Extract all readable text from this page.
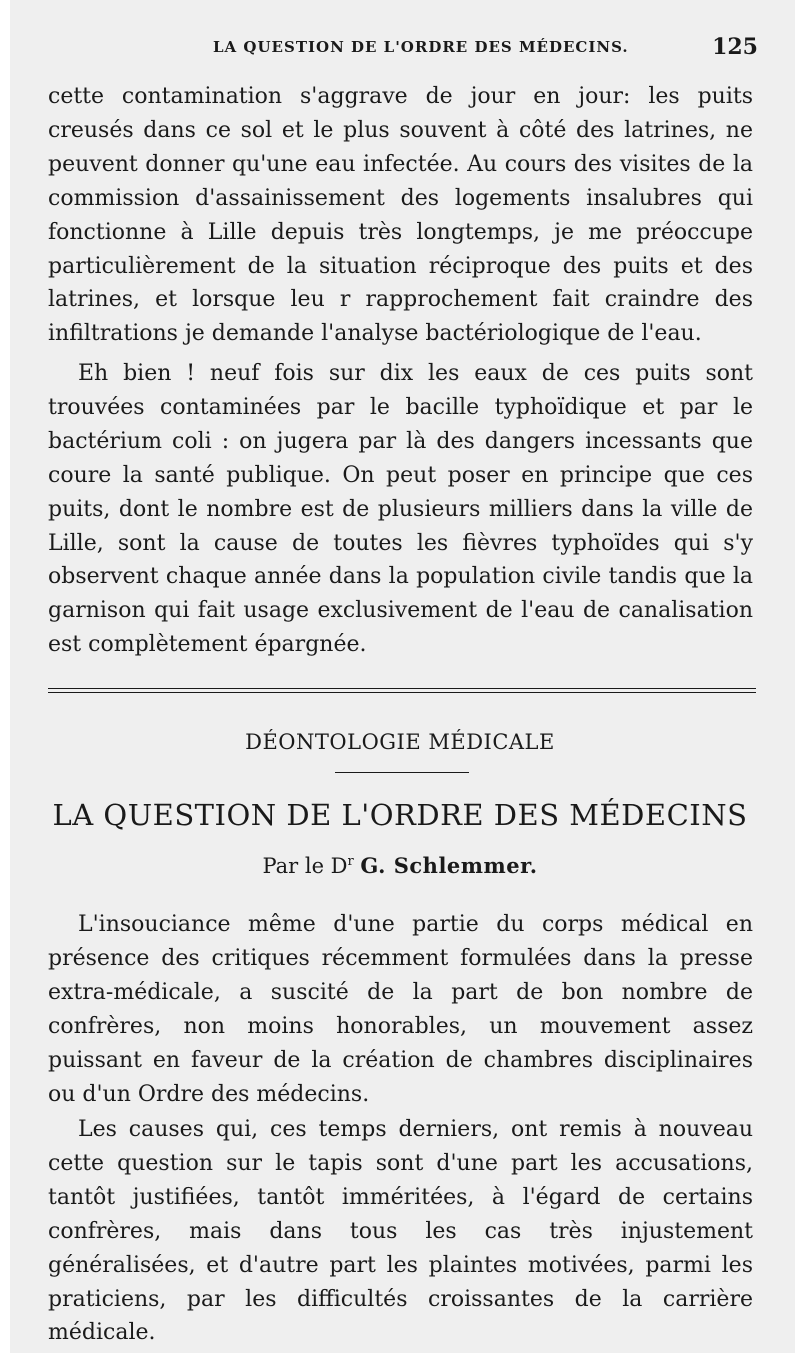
LA QUESTION DE L'ORDRE DES MÉDECINS.	125

cette contamination s'aggrave de jour en jour: les puits creusés dans ce sol et le plus souvent à côté des latrines, ne peuvent donner qu'une eau infectée. Au cours des visites de la commission d'assainissement des logements insalubres qui fonctionne à Lille depuis très longtemps, je me préoccupe particulièrement de la situation réciproque des puits et des latrines, et lorsque leu r rapprochement fait craindre des infiltrations je demande l'analyse bactériologique de l'eau.

Eh bien ! neuf fois sur dix les eaux de ces puits sont trouvées contaminées par le bacille typhoïdique et par le bactérium coli : on jugera par là des dangers incessants que coure la santé publique. On peut poser en principe que ces puits, dont le nombre est de plusieurs milliers dans la ville de Lille, sont la cause de toutes les fièvres typhoïdes qui s'y observent chaque année dans la population civile tandis que la garnison qui fait usage exclusivement de l'eau de canalisation est complètement épargnée.

DÉONTOLOGIE MÉDICALE
LA QUESTION DE L'ORDRE DES MÉDECINS
Par le $D^r$ G. Schlemmer.

L'insouciance même d'une partie du corps médical en présence des critiques récemment formulées dans la presse extra-médicale, a suscité de la part de bon nombre de confrères, non moins honorables, un mouvement assez puissant en faveur de la création de chambres disciplinaires ou d'un Ordre des médecins.

Les causes qui, ces temps derniers, ont remis à nouveau cette question sur le tapis sont d'une part les accusations, tantôt justifiées, tantôt imméritées, à l'égard de certains confrères, mais dans tous les cas très injustement généralisées, et d'autre part les plaintes motivées, parmi les praticiens, par les difficultés croissantes de la carrière médicale.
